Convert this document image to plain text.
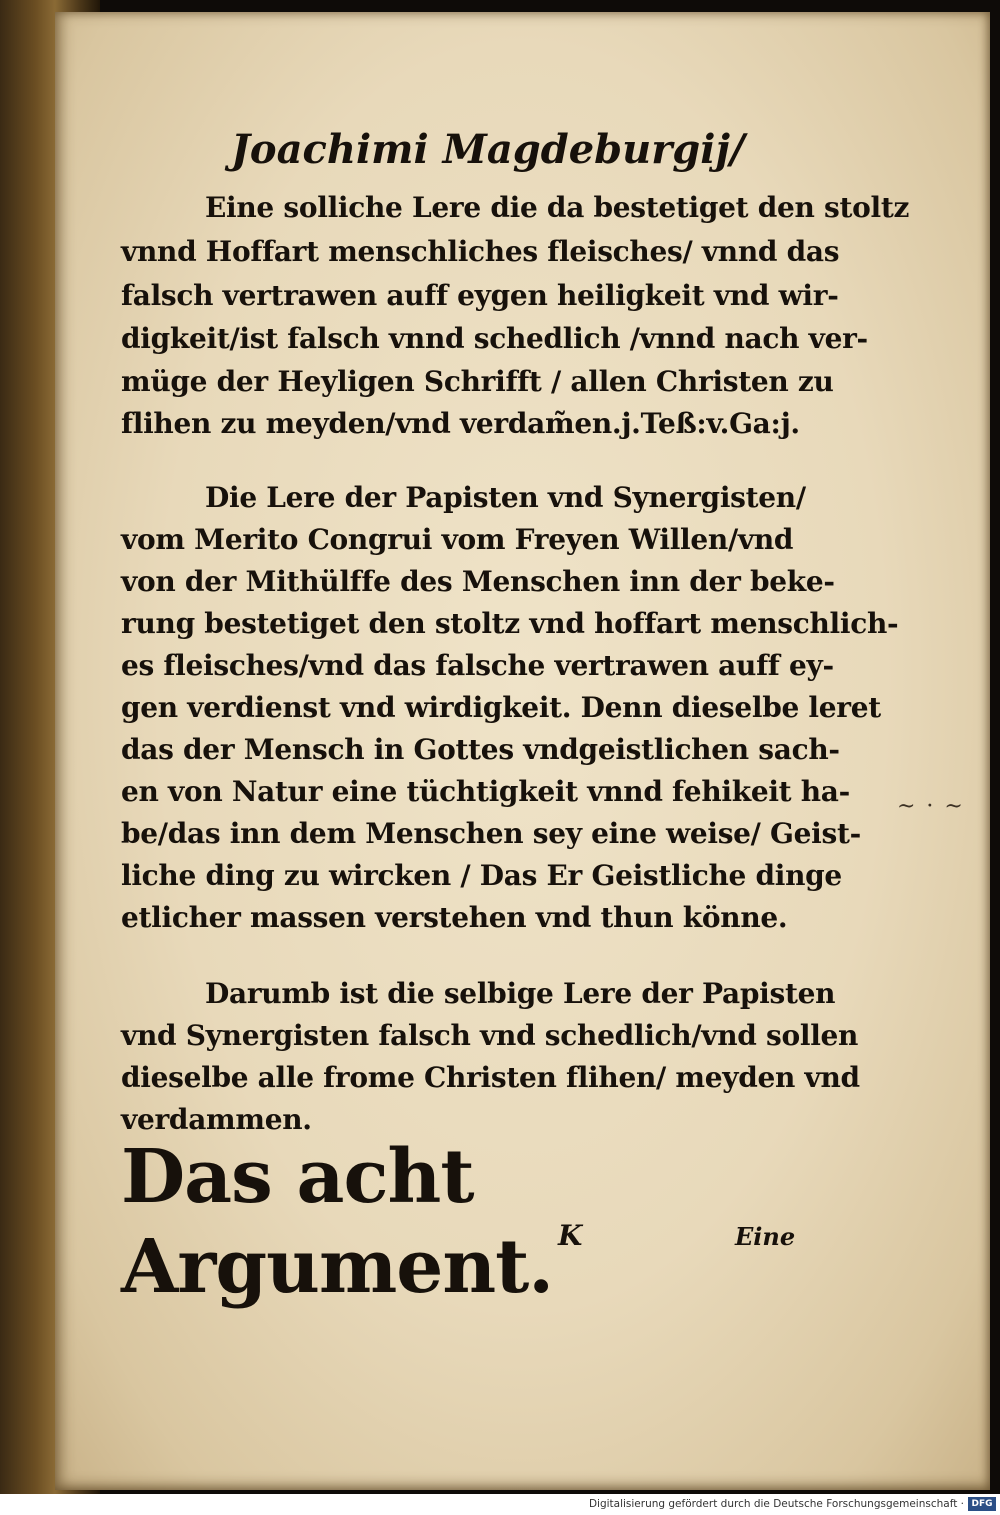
Joachimi Magdeburgij/
Eine solliche Lere die da bestetiget den stoltz
vnnd Hoffart menschliches fleisches/ vnnd das
falsch vertrawen auff eygen heiligkeit vnd wir-
digkeit/ist falsch vnnd schedlich /vnnd nach ver-
müge der Heyligen Schrifft / allen Christen zu
flihen zu meyden/vnd verdam̃en.j.Teß:v.Ga:j.
Die Lere der Papisten vnd Synergisten/
vom Merito Congrui vom Freyen Willen/vnd
von der Mithülffe des Menschen inn der beke-
rung bestetiget den stoltz vnd hoffart menschlich-
es fleisches/vnd das falsche vertrawen auff ey-
gen verdienst vnd wirdigkeit. Denn dieselbe leret
das der Mensch in Gottes vndgeistlichen sach-
en von Natur eine tüchtigkeit vnnd fehikeit ha-
be/das inn dem Menschen sey eine weise/ Geist-
liche ding zu wircken / Das Er Geistliche dinge
etlicher massen verstehen vnd thun könne.
Darumb ist die selbige Lere der Papisten
vnd Synergisten falsch vnd schedlich/vnd sollen
dieselbe alle frome Christen flihen/ meyden vnd
verdammen.
Das acht Argument. K	Eine
~ · ~
Digitalisierung gefördert durch die Deutsche Forschungsgemeinschaft · DFG
